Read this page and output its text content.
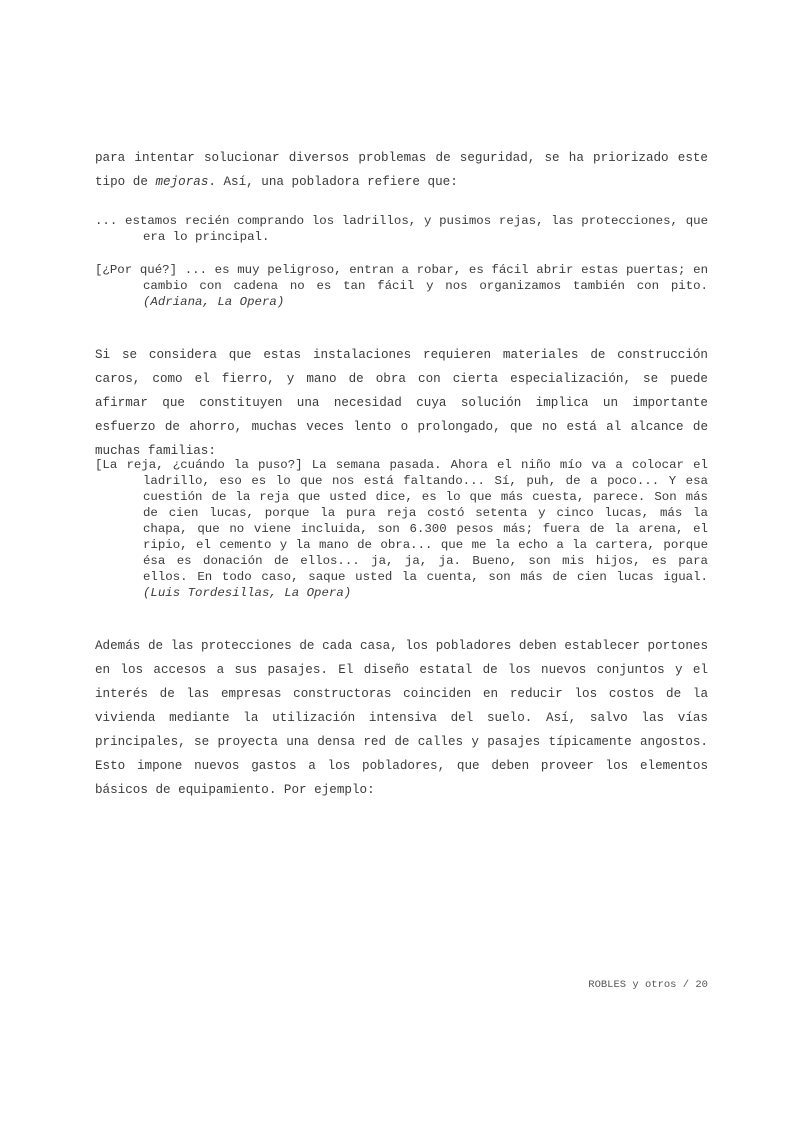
para intentar solucionar diversos problemas de seguridad, se ha priorizado este tipo de mejoras. Así, una pobladora refiere que:

... estamos recién comprando los ladrillos, y pusimos rejas, las protecciones, que era lo principal.

[¿Por qué?] ... es muy peligroso, entran a robar, es fácil abrir estas puertas; en cambio con cadena no es tan fácil y nos organizamos también con pito. (Adriana, La Opera)

Si se considera que estas instalaciones requieren materiales de construcción caros, como el fierro, y mano de obra con cierta especialización, se puede afirmar que constituyen una necesidad cuya solución implica un importante esfuerzo de ahorro, muchas veces lento o prolongado, que no está al alcance de muchas familias:

[La reja, ¿cuándo la puso?] La semana pasada. Ahora el niño mío va a colocar el ladrillo, eso es lo que nos está faltando... Sí, puh, de a poco... Y esa cuestión de la reja que usted dice, es lo que más cuesta, parece. Son más de cien lucas, porque la pura reja costó setenta y cinco lucas, más la chapa, que no viene incluida, son 6.300 pesos más; fuera de la arena, el ripio, el cemento y la mano de obra... que me la echo a la cartera, porque ésa es donación de ellos... ja, ja, ja. Bueno, son mis hijos, es para ellos. En todo caso, saque usted la cuenta, son más de cien lucas igual. (Luis Tordesillas, La Opera)

Además de las protecciones de cada casa, los pobladores deben establecer portones en los accesos a sus pasajes. El diseño estatal de los nuevos conjuntos y el interés de las empresas constructoras coinciden en reducir los costos de la vivienda mediante la utilización intensiva del suelo. Así, salvo las vías principales, se proyecta una densa red de calles y pasajes típicamente angostos. Esto impone nuevos gastos a los pobladores, que deben proveer los elementos básicos de equipamiento. Por ejemplo:

ROBLES y otros / 20
